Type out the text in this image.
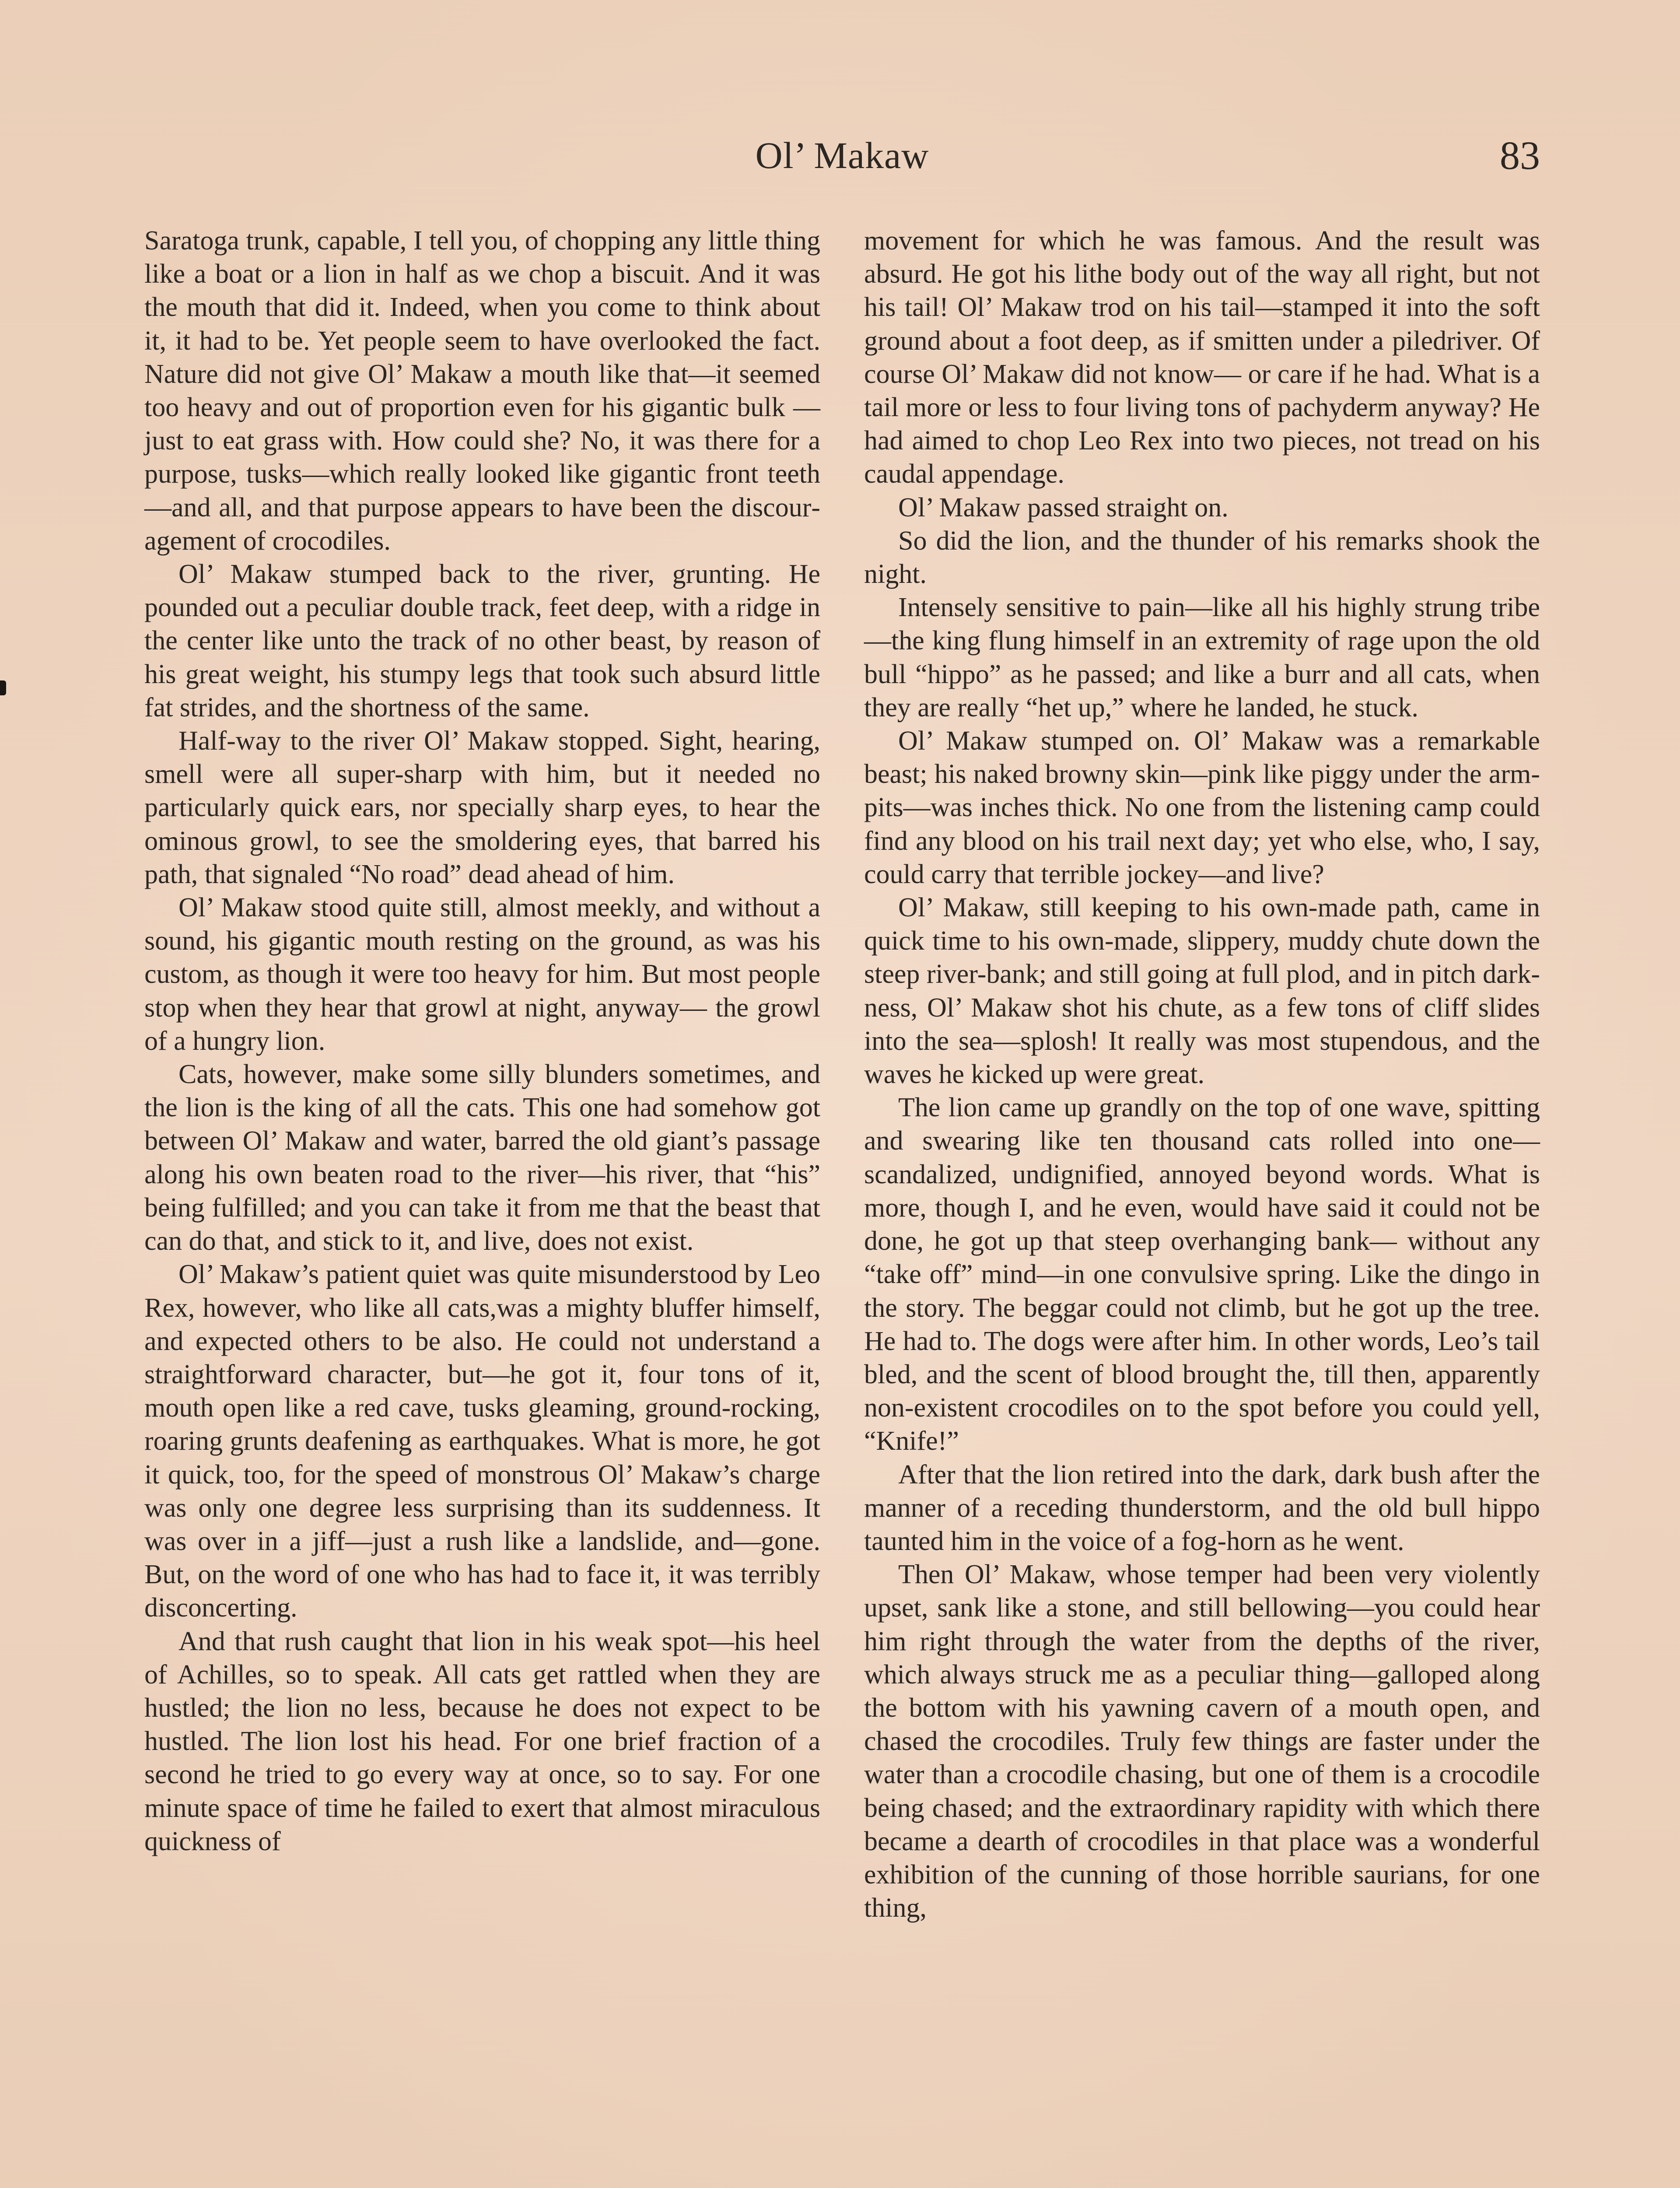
Ol’ Makaw	83

Saratoga trunk, capable, I tell you, of chopping any little thing like a boat or a lion in half as we chop a biscuit. And it was the mouth that did it. Indeed, when you come to think about it, it had to be. Yet people seem to have overlooked the fact. Nature did not give Ol’ Makaw a mouth like that—it seemed too heavy and out of proportion even for his gigantic bulk —just to eat grass with. How could she? No, it was there for a purpose, tusks—which really looked like gigantic front teeth—and all, and that purpose appears to have been the discouragement of crocodiles.

Ol’ Makaw stumped back to the river, grunting. He pounded out a peculiar double track, feet deep, with a ridge in the center like unto the track of no other beast, by reason of his great weight, his stumpy legs that took such absurd little fat strides, and the shortness of the same.

Half-way to the river Ol’ Makaw stopped. Sight, hearing, smell were all super-sharp with him, but it needed no particularly quick ears, nor specially sharp eyes, to hear the ominous growl, to see the smoldering eyes, that barred his path, that signaled “No road” dead ahead of him.

Ol’ Makaw stood quite still, almost meekly, and without a sound, his gigantic mouth resting on the ground, as was his custom, as though it were too heavy for him. But most people stop when they hear that growl at night, anyway— the growl of a hungry lion.

Cats, however, make some silly blunders sometimes, and the lion is the king of all the cats. This one had somehow got between Ol’ Makaw and water, barred the old giant’s passage along his own beaten road to the river—his river, that “his” being fulfilled; and you can take it from me that the beast that can do that, and stick to it, and live, does not exist.

Ol’ Makaw’s patient quiet was quite misunderstood by Leo Rex, however, who like all cats,was a mighty bluffer himself, and expected others to be also. He could not understand a straightforward character, but—he got it, four tons of it, mouth open like a red cave, tusks gleaming, ground-rocking, roaring grunts deafening as earthquakes. What is more, he got it quick, too, for the speed of monstrous Ol’ Makaw’s charge was only one degree less surprising than its suddenness. It was over in a jiff—just a rush like a landslide, and—gone. But, on the word of one who has had to face it, it was terribly disconcerting.

And that rush caught that lion in his weak spot—his heel of Achilles, so to speak. All cats get rattled when they are hustled; the lion no less, because he does not expect to be hustled. The lion lost his head. For one brief fraction of a second he tried to go every way at once, so to say. For one minute space of time he failed to exert that almost miraculous quickness of

movement for which he was famous. And the result was absurd. He got his lithe body out of the way all right, but not his tail! Ol’ Makaw trod on his tail—stamped it into the soft ground about a foot deep, as if smitten under a piledriver. Of course Ol’ Makaw did not know— or care if he had. What is a tail more or less to four living tons of pachyderm anyway? He had aimed to chop Leo Rex into two pieces, not tread on his caudal appendage.

Ol’ Makaw passed straight on.

So did the lion, and the thunder of his remarks shook the night.

Intensely sensitive to pain—like all his highly strung tribe—the king flung himself in an extremity of rage upon the old bull “hippo” as he passed; and like a burr and all cats, when they are really “het up,” where he landed, he stuck.

Ol’ Makaw stumped on. Ol’ Makaw was a remarkable beast; his naked browny skin—pink like piggy under the arm-pits—was inches thick. No one from the listening camp could find any blood on his trail next day; yet who else, who, I say, could carry that terrible jockey—and live?

Ol’ Makaw, still keeping to his own-made path, came in quick time to his own-made, slippery, muddy chute down the steep river-bank; and still going at full plod, and in pitch darkness, Ol’ Makaw shot his chute, as a few tons of cliff slides into the sea—splosh! It really was most stupendous, and the waves he kicked up were great.

The lion came up grandly on the top of one wave, spitting and swearing like ten thousand cats rolled into one—scandalized, undignified, annoyed beyond words. What is more, though I, and he even, would have said it could not be done, he got up that steep overhanging bank— without any “take off” mind—in one convulsive spring. Like the dingo in the story. The beggar could not climb, but he got up the tree. He had to. The dogs were after him. In other words, Leo’s tail bled, and the scent of blood brought the, till then, apparently non-existent crocodiles on to the spot before you could yell, “Knife!”

After that the lion retired into the dark, dark bush after the manner of a receding thunderstorm, and the old bull hippo taunted him in the voice of a fog-horn as he went.

Then Ol’ Makaw, whose temper had been very violently upset, sank like a stone, and still bellowing—you could hear him right through the water from the depths of the river, which always struck me as a peculiar thing—galloped along the bottom with his yawning cavern of a mouth open, and chased the crocodiles. Truly few things are faster under the water than a crocodile chasing, but one of them is a crocodile being chased; and the extraordinary rapidity with which there became a dearth of crocodiles in that place was a wonderful exhibition of the cunning of those horrible saurians, for one thing,
